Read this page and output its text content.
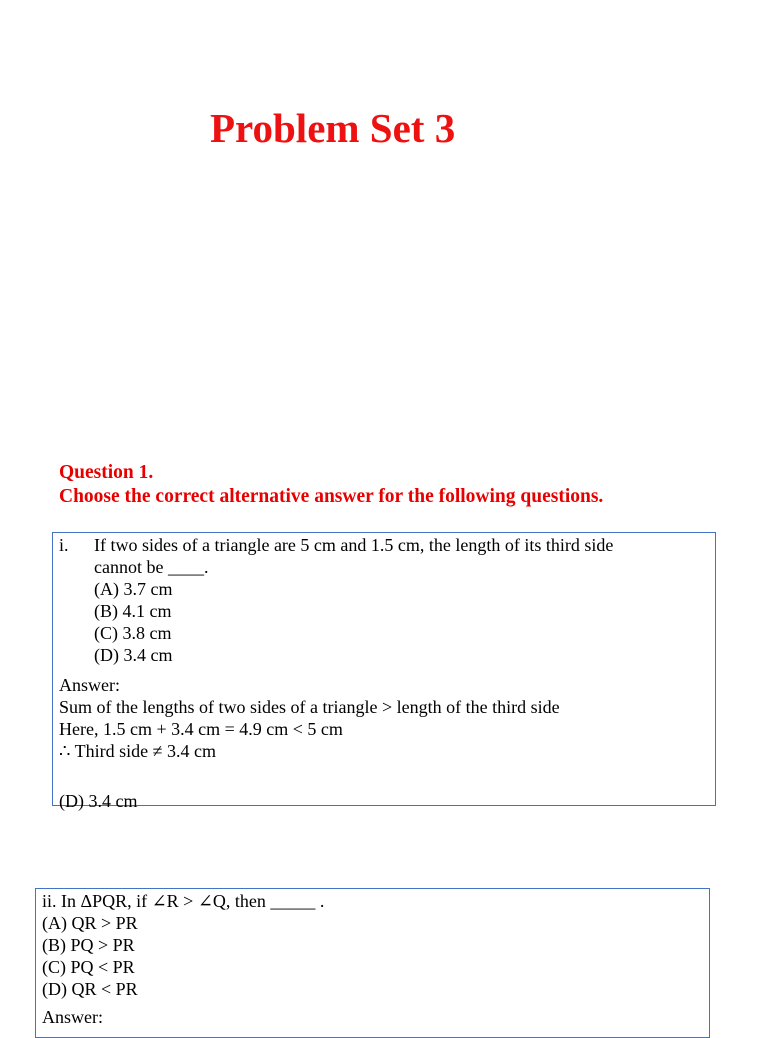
Problem Set 3
Question 1.
Choose the correct alternative answer for the following questions.
i. If two sides of a triangle are 5 cm and 1.5 cm, the length of its third side
cannot be ____.
(A) 3.7 cm
(B) 4.1 cm
(C) 3.8 cm
(D) 3.4 cm
Answer:
Sum of the lengths of two sides of a triangle > length of the third side
Here, 1.5 cm + 3.4 cm = 4.9 cm < 5 cm
∴ Third side ≠ 3.4 cm
(D) 3.4 cm
ii. In ΔPQR, if ∠R > ∠Q, then _____ .
(A) QR > PR
(B) PQ > PR
(C) PQ < PR
(D) QR < PR
Answer:
